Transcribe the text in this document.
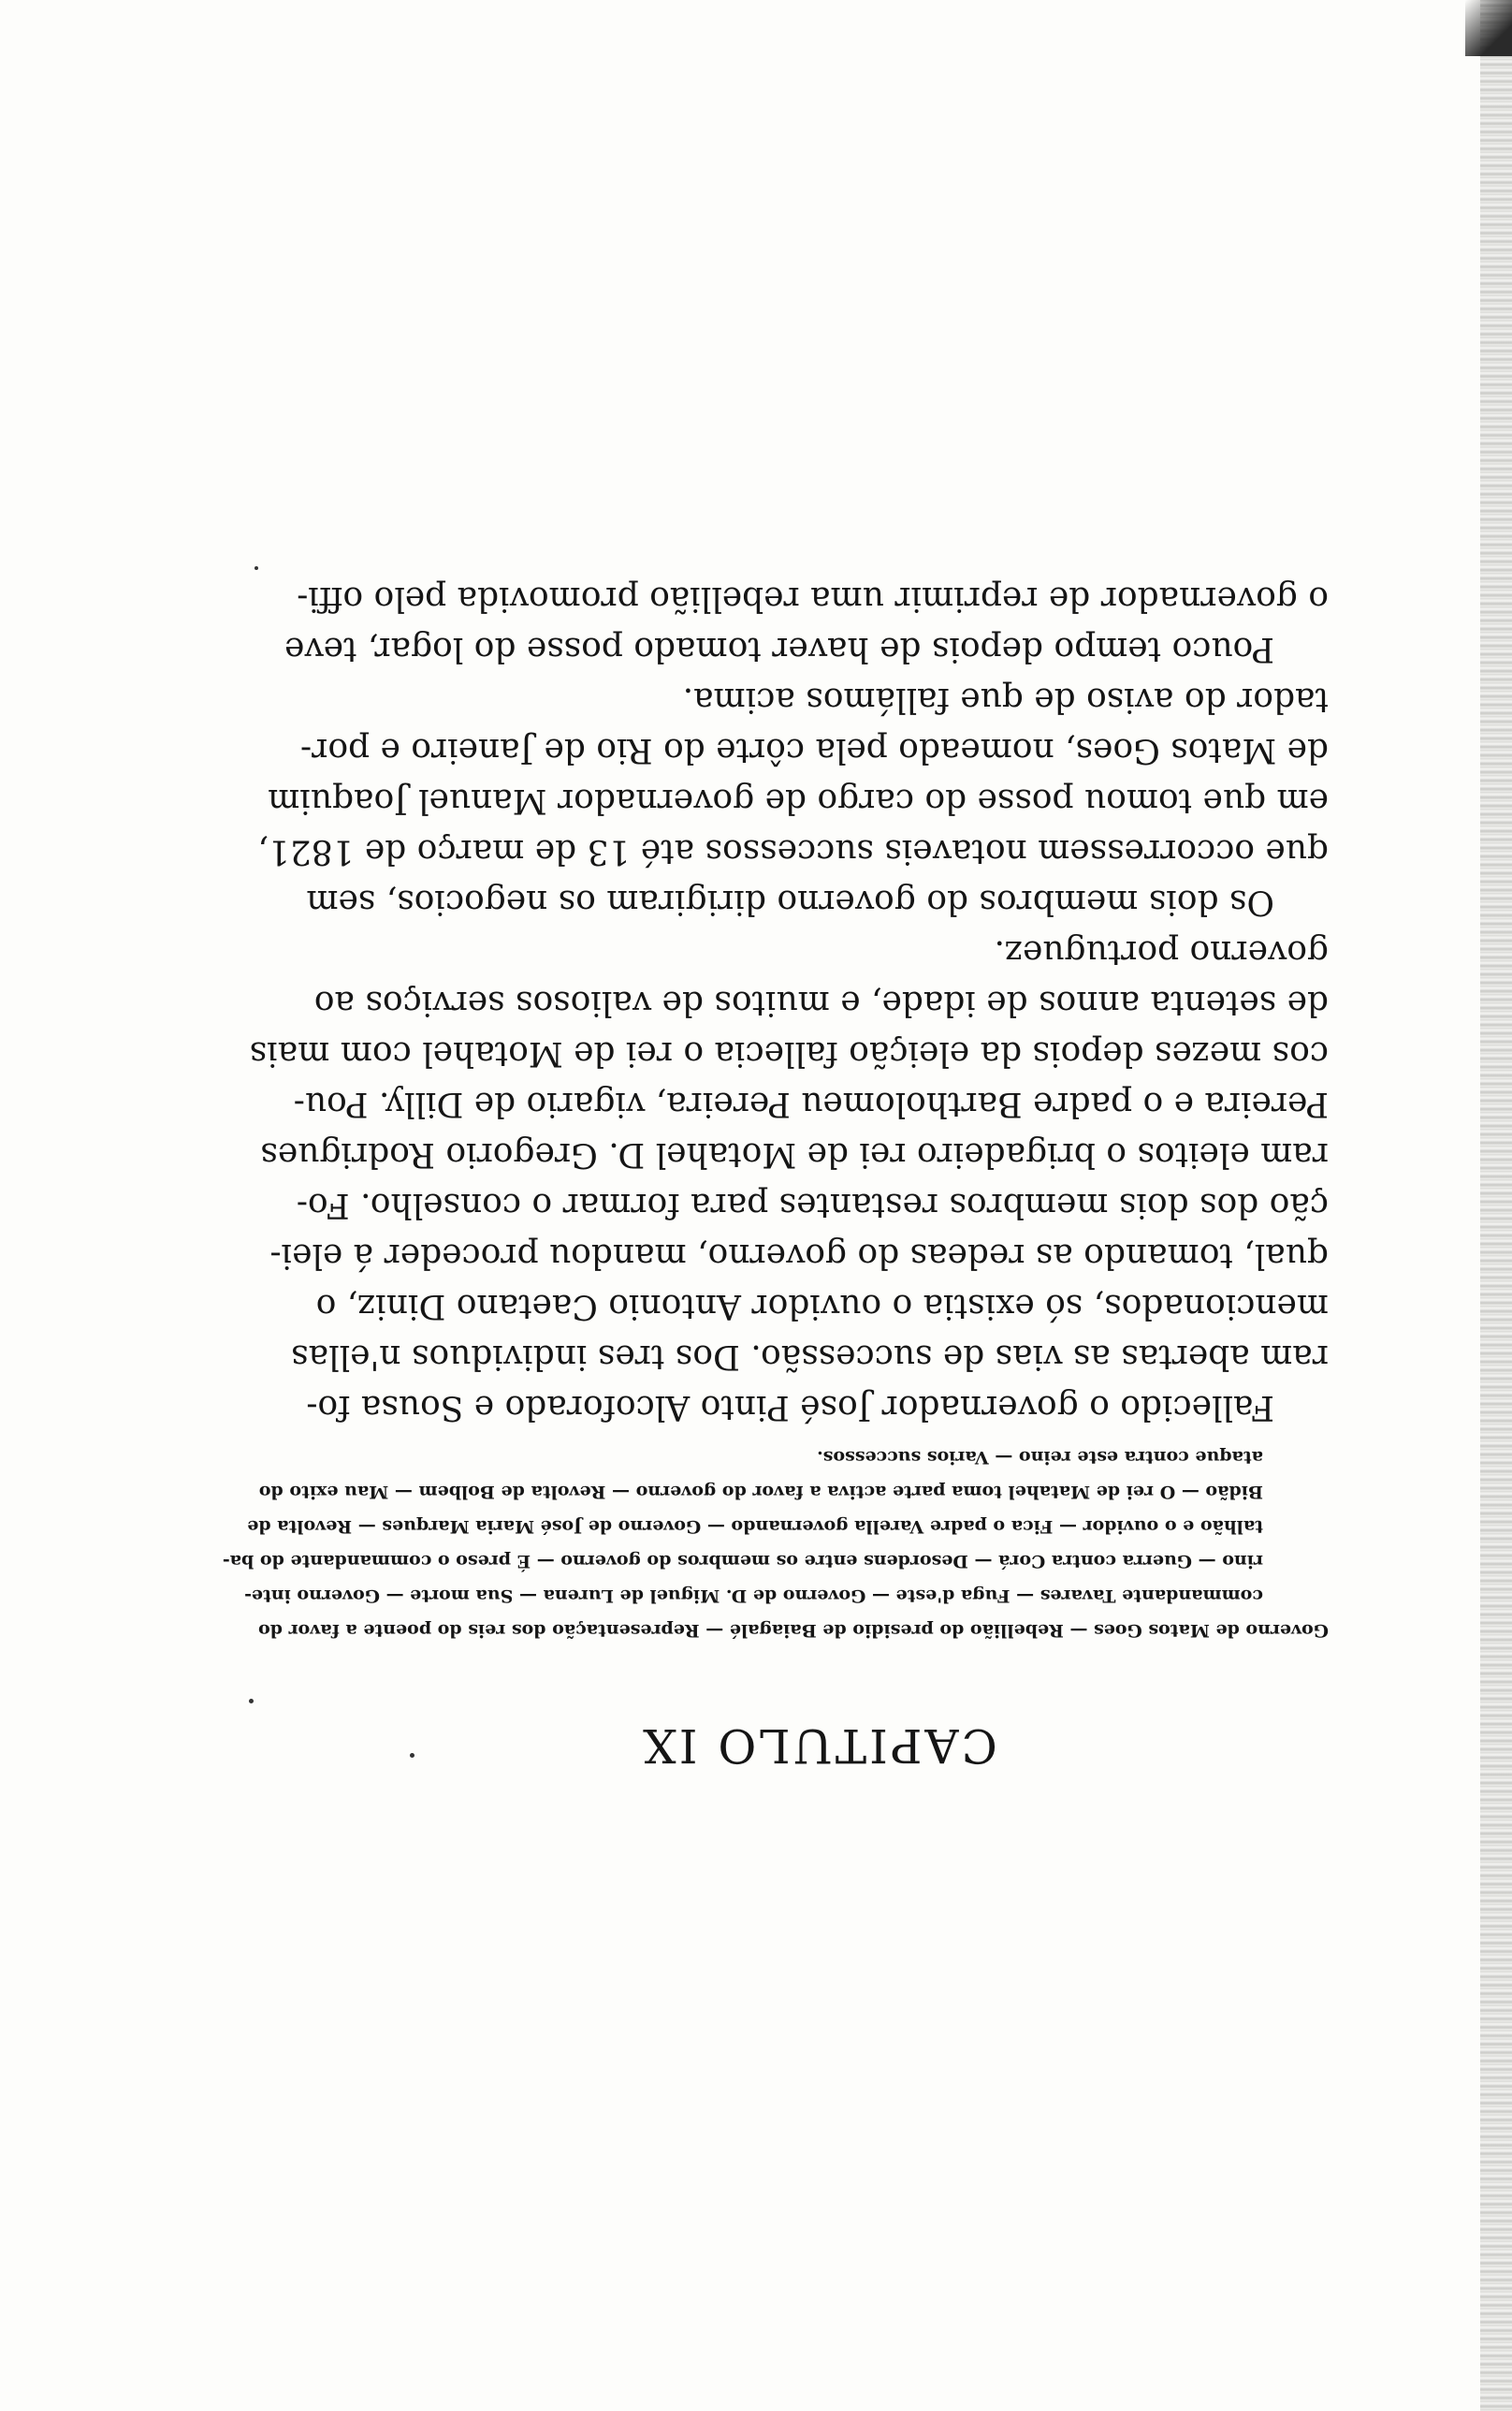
CAPITULO IX
Governo de Matos Goes — Rebellião do presidio de Baiagalé — Representação dos reis do poente a favor do
commandante Tavares — Fuga d'este — Governo de D. Miguel de Lurena — Sua morte — Governo inte-
rino — Guerra contra Corá — Desordens entre os membros do governo — É preso o commandante do ba-
talhão e o ouvidor — Fica o padre Varella governando — Governo de José Maria Marques — Revolta de
Bidão — O rei de Matahel toma parte activa a favor do governo — Revolta de Bolbem — Mau exito do
ataque contra este reino — Varios successos.
Fallecido o governador José Pinto Alcoforado e Sousa fo-
ram abertas as vias de successão. Dos tres individuos n'ellas
mencionados, só existia o ouvidor Antonio Caetano Diniz, o
qual, tomando as redeas do governo, mandou proceder á elei-
ção dos dois membros restantes para formar o conselho. Fo-
ram eleitos o brigadeiro rei de Motahel D. Gregorio Rodrigues
Pereira e o padre Bartholomeu Pereira, vigario de Dilly. Pou-
cos mezes depois da eleição fallecia o rei de Motahel com mais
de setenta annos de idade, e muitos de valiosos serviços ao
governo portuguez.
Os dois membros do governo dirigiram os negocios, sem
que occorressem notaveis successos até 13 de março de 1821,
em que tomou posse do cargo de governador Manuel Joaquim
de Matos Goes, nomeado pela côrte do Rio de Janeiro e por-
tador do aviso de que fallámos acima.
Pouco tempo depois de haver tomado posse do logar, teve
o governador de reprimir uma rebellião promovida pelo offi-
